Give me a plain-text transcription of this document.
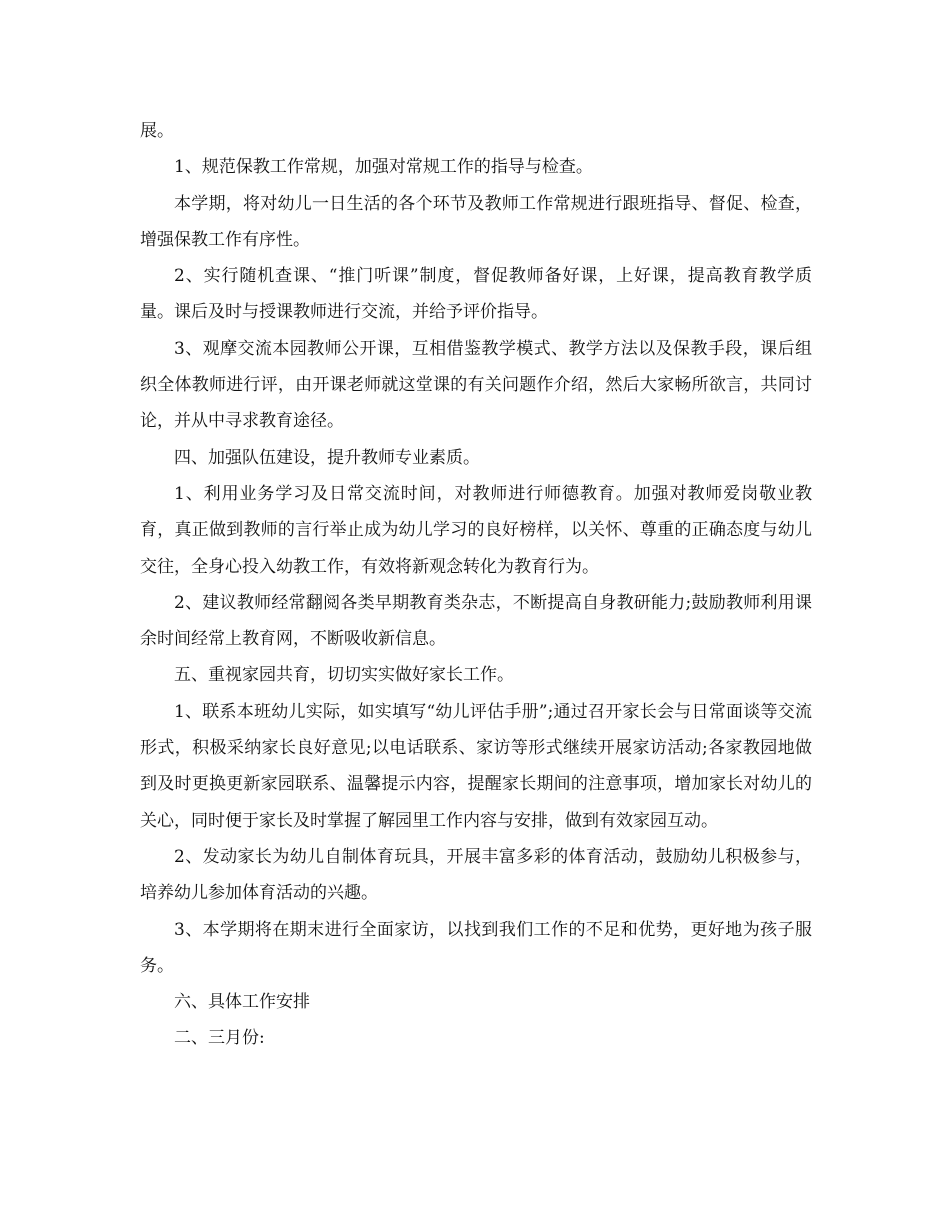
展。

1、规范保教工作常规，加强对常规工作的指导与检查。

本学期，将对幼儿一日生活的各个环节及教师工作常规进行跟班指导、督促、检查，增强保教工作有序性。

2、实行随机查课、“推门听课”制度，督促教师备好课，上好课，提高教育教学质量。课后及时与授课教师进行交流，并给予评价指导。

3、观摩交流本园教师公开课，互相借鉴教学模式、教学方法以及保教手段，课后组织全体教师进行评，由开课老师就这堂课的有关问题作介绍，然后大家畅所欲言，共同讨论，并从中寻求教育途径。

四、加强队伍建设，提升教师专业素质。

1、利用业务学习及日常交流时间，对教师进行师德教育。加强对教师爱岗敬业教育，真正做到教师的言行举止成为幼儿学习的良好榜样，以关怀、尊重的正确态度与幼儿交往，全身心投入幼教工作，有效将新观念转化为教育行为。

2、建议教师经常翻阅各类早期教育类杂志，不断提高自身教研能力;鼓励教师利用课余时间经常上教育网，不断吸收新信息。

五、重视家园共育，切切实实做好家长工作。

1、联系本班幼儿实际，如实填写“幼儿评估手册”;通过召开家长会与日常面谈等交流形式，积极采纳家长良好意见;以电话联系、家访等形式继续开展家访活动;各家教园地做到及时更换更新家园联系、温馨提示内容，提醒家长期间的注意事项，增加家长对幼儿的关心，同时便于家长及时掌握了解园里工作内容与安排，做到有效家园互动。

2、发动家长为幼儿自制体育玩具，开展丰富多彩的体育活动，鼓励幼儿积极参与，培养幼儿参加体育活动的兴趣。

3、本学期将在期末进行全面家访，以找到我们工作的不足和优势，更好地为孩子服务。

六、具体工作安排

二、三月份:
